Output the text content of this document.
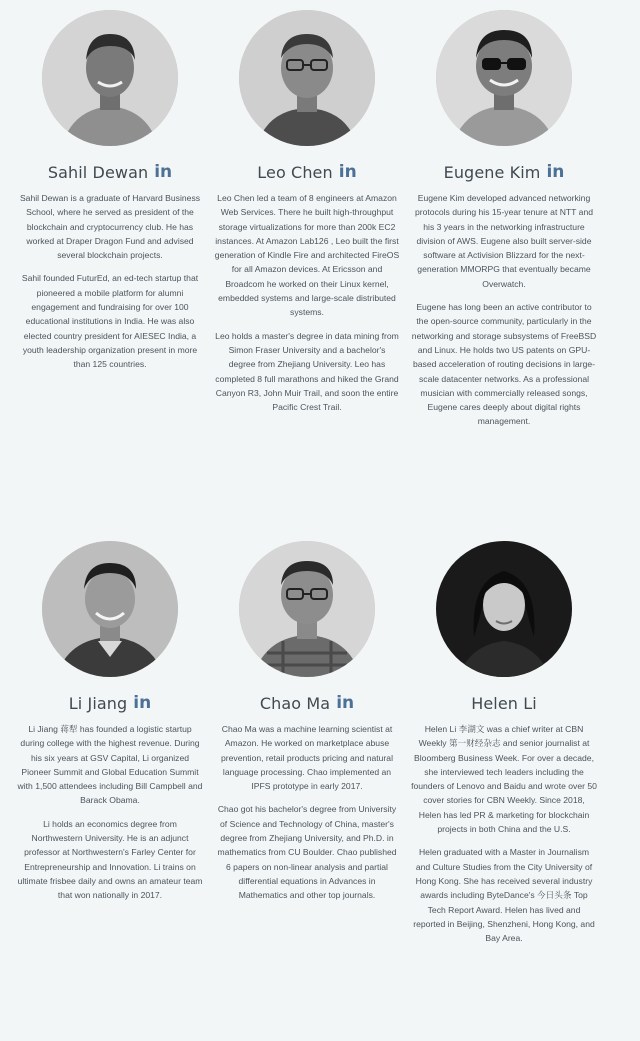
Sahil Dewan in

Sahil Dewan is a graduate of Harvard Business School, where he served as president of the blockchain and cryptocurrency club. He has worked at Draper Dragon Fund and advised several blockchain projects.

Sahil founded FuturEd, an ed-tech startup that pioneered a mobile platform for alumni engagement and fundraising for over 100 educational institutions in India. He was also elected country president for AIESEC India, a youth leadership organization present in more than 125 countries.

Leo Chen in

Leo Chen led a team of 8 engineers at Amazon Web Services. There he built high-throughput storage virtualizations for more than 200k EC2 instances. At Amazon Lab126 , Leo built the first generation of Kindle Fire and architected FireOS for all Amazon devices. At Ericsson and Broadcom he worked on their Linux kernel, embedded systems and large-scale distributed systems.

Leo holds a master's degree in data mining from Simon Fraser University and a bachelor's degree from Zhejiang University. Leo has completed 8 full marathons and hiked the Grand Canyon R3, John Muir Trail, and soon the entire Pacific Crest Trail.

Eugene Kim in

Eugene Kim developed advanced networking protocols during his 15-year tenure at NTT and his 3 years in the networking infrastructure division of AWS. Eugene also built server-side software at Activision Blizzard for the next-generation MMORPG that eventually became Overwatch.

Eugene has long been an active contributor to the open-source community, particularly in the networking and storage subsystems of FreeBSD and Linux. He holds two US patents on GPU-based acceleration of routing decisions in large-scale datacenter networks. As a professional musician with commercially released songs, Eugene cares deeply about digital rights management.

Li Jiang in

Li Jiang 蒋犁 has founded a logistic startup during college with the highest revenue. During his six years at GSV Capital, Li organized Pioneer Summit and Global Education Summit with 1,500 attendees including Bill Campbell and Barack Obama.

Li holds an economics degree from Northwestern University. He is an adjunct professor at Northwestern's Farley Center for Entrepreneurship and Innovation. Li trains on ultimate frisbee daily and owns an amateur team that won nationally in 2017.

Chao Ma in

Chao Ma was a machine learning scientist at Amazon. He worked on marketplace abuse prevention, retail products pricing and natural language processing. Chao implemented an IPFS prototype in early 2017.

Chao got his bachelor's degree from University of Science and Technology of China, master's degree from Zhejiang University, and Ph.D. in mathematics from CU Boulder. Chao published 6 papers on non-linear analysis and partial differential equations in Advances in Mathematics and other top journals.

Helen Li

Helen Li 李湖文 was a chief writer at CBN Weekly 第一财经杂志 and senior journalist at Bloomberg Business Week. For over a decade, she interviewed tech leaders including the founders of Lenovo and Baidu and wrote over 50 cover stories for CBN Weekly. Since 2018, Helen has led PR & marketing for blockchain projects in both China and the U.S.

Helen graduated with a Master in Journalism and Culture Studies from the City University of Hong Kong. She has received several industry awards including ByteDance's 今日头条 Top Tech Report Award. Helen has lived and reported in Beijing, Shenzheni, Hong Kong, and Bay Area.
